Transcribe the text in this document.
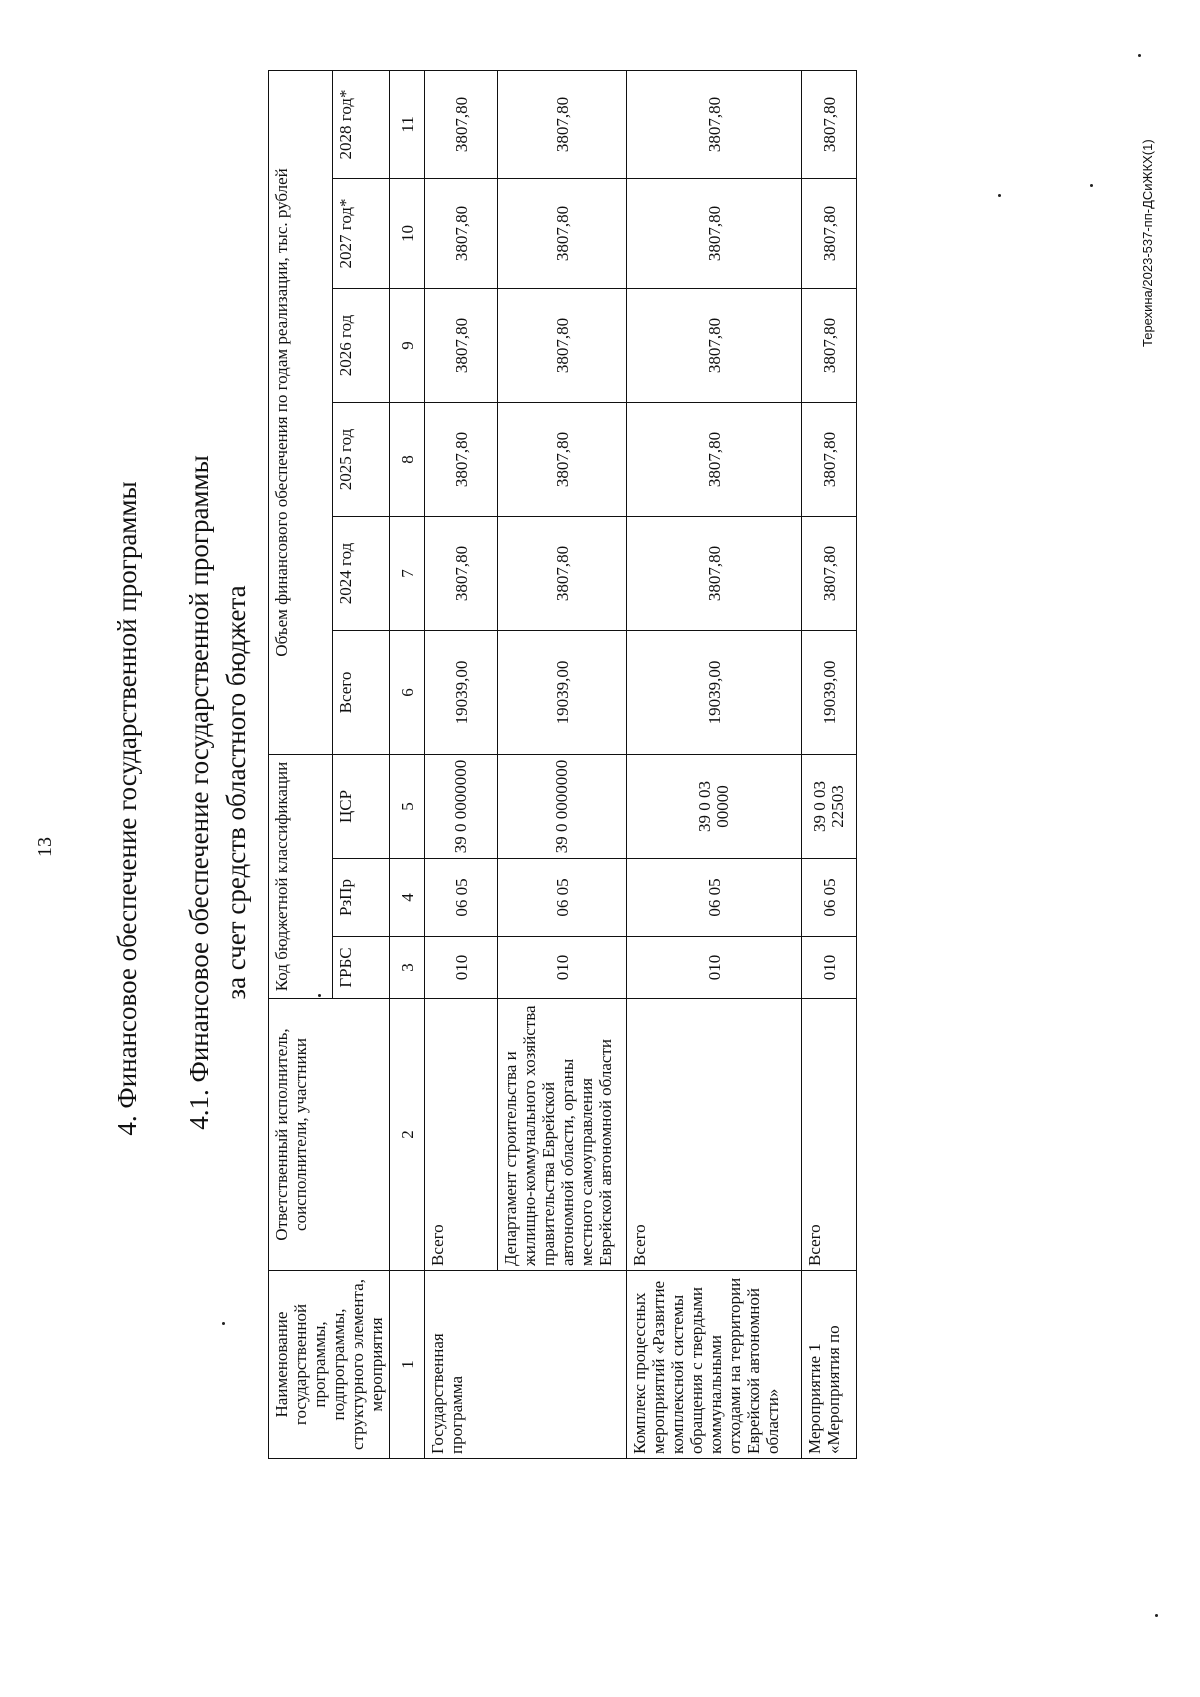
13 4. Финансовое обеспечение государственной программы 4.1. Финансовое обеспечение государственной программы за счет средств областного бюджета
Наименование государственной программы, подпрограммы, структурного элемента, мероприятия	Ответственный исполнитель, соисполнители, участники	Код бюджетной классификации			Объем финансового обеспечения по годам реализации, тыс. рублей					
		ГРБС	РзПр	ЦСР	Всего	2024 год	2025 год	2026 год	2027 год*	2028 год*
1	2	3	4	5	6	7	8	9	10	11
Государственная программа	Всего	010	06 05	39 0 0000000	19039,00	3807,80	3807,80	3807,80	3807,80	3807,80
	Департамент строительства и жилищно-коммунального хозяйства правительства Еврейской автономной области, органы местного самоуправления Еврейской автономной области	010	06 05	39 0 0000000	19039,00	3807,80	3807,80	3807,80	3807,80	3807,80
Комплекс процессных мероприятий «Развитие комплексной системы обращения с твердыми коммунальными отходами на территории Еврейской автономной области»	Всего	010	06 05	39 0 03 00000	19039,00	3807,80	3807,80	3807,80	3807,80	3807,80
Мероприятие 1 «Мероприятия по	Всего	010	06 05	39 0 03 22503	19039,00	3807,80	3807,80	3807,80	3807,80	3807,80
Терехина/2023-537-пп-ДСиЖКХ(1)
